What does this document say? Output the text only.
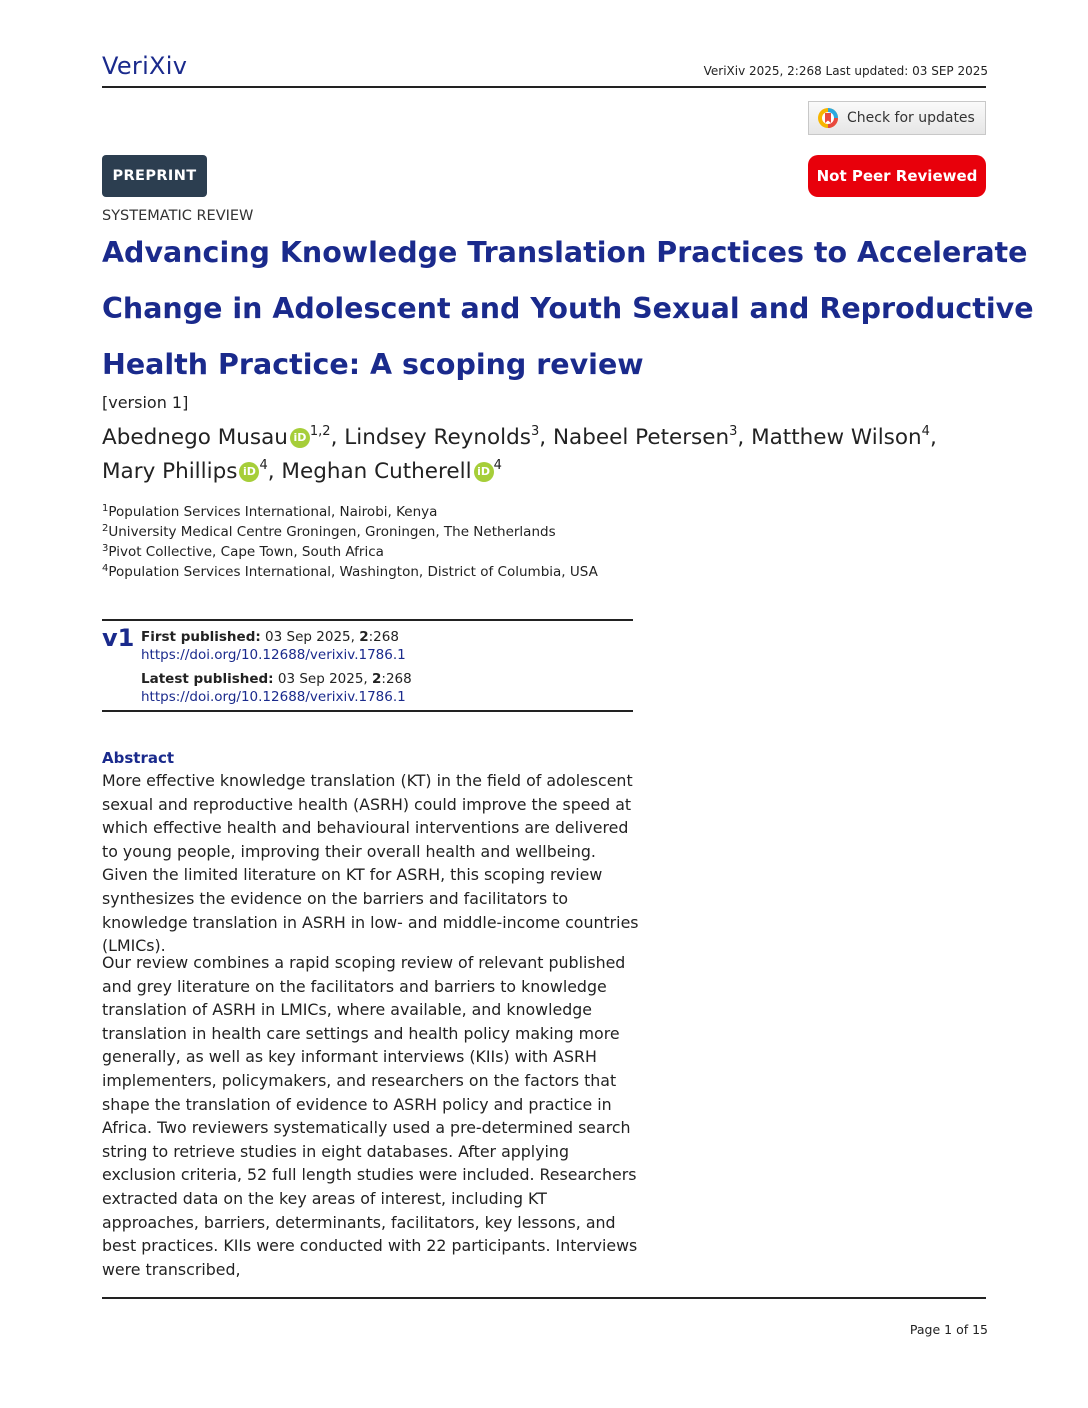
VeriXiv	VeriXiv 2025, 2:268 Last updated: 03 SEP 2025
Check for updates
PREPRINT	Not Peer Reviewed
SYSTEMATIC REVIEW
Advancing Knowledge Translation Practices to Accelerate
Change in Adolescent and Youth Sexual and Reproductive
Health Practice: A scoping review
[version 1]
Abednego Musau iD $^{1,2}$, Lindsey Reynolds$^3$, Nabeel Petersen$^3$, Matthew Wilson$^4$,
Mary Phillips iD $^4$, Meghan Cutherell iD $^4$
$^1$Population Services International, Nairobi, Kenya
$^2$University Medical Centre Groningen, Groningen, The Netherlands
$^3$Pivot Collective, Cape Town, South Africa
$^4$Population Services International, Washington, District of Columbia, USA
v1 First published: 03 Sep 2025, 2:268
https://doi.org/10.12688/verixiv.1786.1
Latest published: 03 Sep 2025, 2:268
https://doi.org/10.12688/verixiv.1786.1
Abstract
More effective knowledge translation (KT) in the field of adolescent sexual and reproductive health (ASRH) could improve the speed at which effective health and behavioural interventions are delivered to young people, improving their overall health and wellbeing. Given the limited literature on KT for ASRH, this scoping review synthesizes the evidence on the barriers and facilitators to knowledge translation in ASRH in low- and middle-income countries (LMICs).
Our review combines a rapid scoping review of relevant published and grey literature on the facilitators and barriers to knowledge translation of ASRH in LMICs, where available, and knowledge translation in health care settings and health policy making more generally, as well as key informant interviews (KIIs) with ASRH implementers, policymakers, and researchers on the factors that shape the translation of evidence to ASRH policy and practice in Africa. Two reviewers systematically used a pre-determined search string to retrieve studies in eight databases. After applying exclusion criteria, 52 full length studies were included. Researchers extracted data on the key areas of interest, including KT approaches, barriers, determinants, facilitators, key lessons, and best practices. KIIs were conducted with 22 participants. Interviews were transcribed,
Page 1 of 15
